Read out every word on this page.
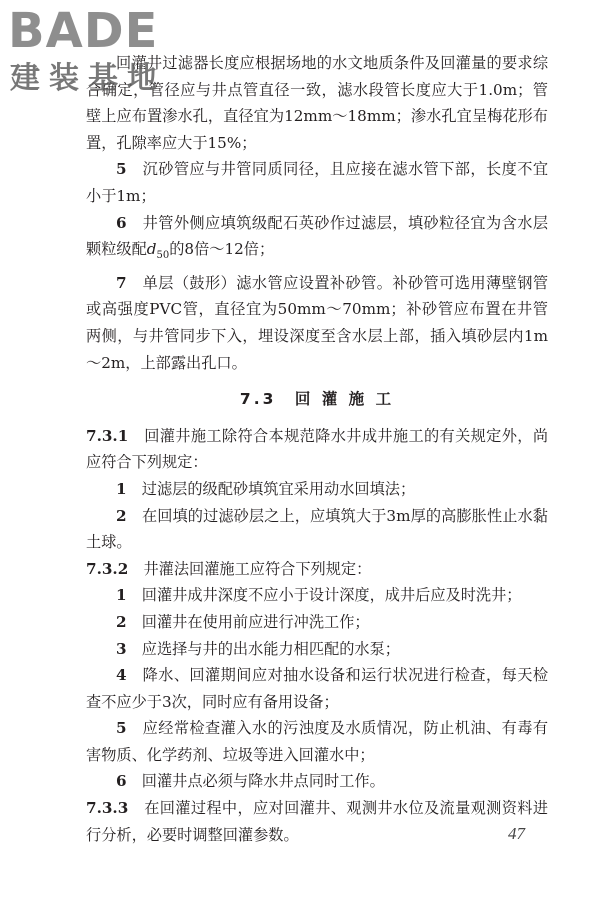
BADE
建装基地

回灌井过滤器长度应根据场地的水文地质条件及回灌量的要求综合确定，管径应与井点管直径一致，滤水段管长度应大于1.0m；管壁上应布置渗水孔，直径宜为12mm～18mm；渗水孔宜呈梅花形布置，孔隙率应大于15%；

5　 沉砂管应与井管同质同径，且应接在滤水管下部，长度不宜小于1m；

6　 井管外侧应填筑级配石英砂作过滤层，填砂粒径宜为含水层颗粒级配$d_{50}$的8倍～12倍；

7　 单层（鼓形）滤水管应设置补砂管。补砂管可选用薄壁钢管或高强度PVC管，直径宜为50mm～70mm；补砂管应布置在井管两侧，与井管同步下入，埋设深度至含水层上部，插入填砂层内1m～2m，上部露出孔口。

7.3　回 灌 施 工

7.3.1　 回灌井施工除符合本规范降水井成井施工的有关规定外，尚应符合下列规定：

1　 过滤层的级配砂填筑宜采用动水回填法；

2　 在回填的过滤砂层之上，应填筑大于3m厚的高膨胀性止水黏土球。

7.3.2　 井灌法回灌施工应符合下列规定：

1　 回灌井成井深度不应小于设计深度，成井后应及时洗井；

2　 回灌井在使用前应进行冲洗工作；

3　 应选择与井的出水能力相匹配的水泵；

4　 降水、回灌期间应对抽水设备和运行状况进行检查，每天检查不应少于3次，同时应有备用设备；

5　 应经常检查灌入水的污浊度及水质情况，防止机油、有毒有害物质、化学药剂、垃圾等进入回灌水中；

6　 回灌井点必须与降水井点同时工作。

7.3.3　 在回灌过程中，应对回灌井、观测井水位及流量观测资料进行分析，必要时调整回灌参数。	47
